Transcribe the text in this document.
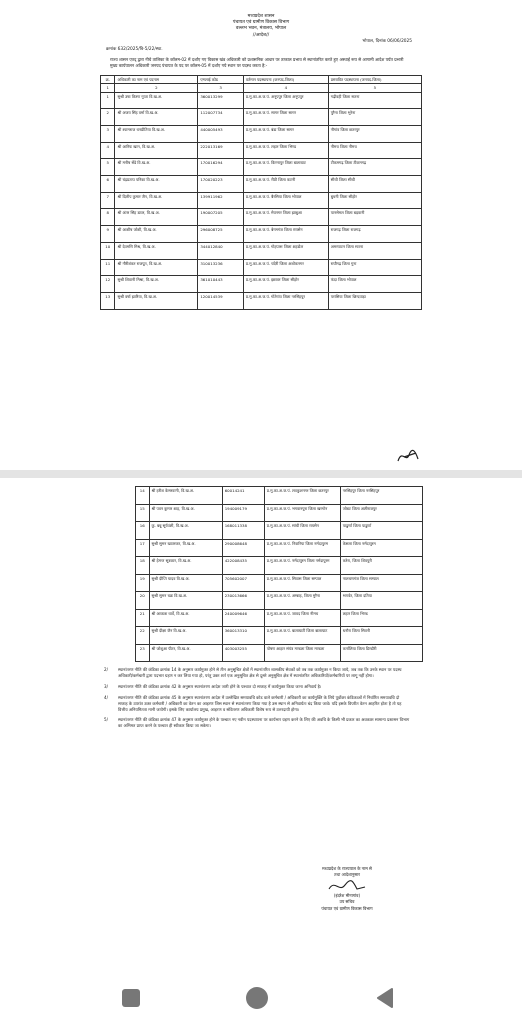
मध्यप्रदेश शासन
पंचायत एवं ग्रामीण विकास विभाग
वल्लभ भवन, मंत्रालय, भोपाल
//आदेश//
भोपाल, दिनांक 06/06/2025
क्रमांक 632/2025/वि-5/22/स्था.
राज्य शासन एतद् द्वारा नीचे तालिका के कॉलम-02 में दर्शाए गए विकास खंड अधिकारी को प्रशासनिक आधार पर तत्काल प्रभाव से स्थानांतरित करते हुए अस्थाई रूप से आगामी आदेश पर्यंत प्रभारी मुख्य कार्यपालन अधिकारी जनपद पंचायत के पद पर कॉलम-05 में दर्शाए गये स्थान पर पदस्थ करता है:-
क्र.	अधिकारी का नाम एवं पदनाम	एम्प्लाई कोड	वर्तमान पदस्थापना (जनपद-जिला)	प्रस्तावित पदस्थापना (जनपद-जिला)
1	2	3	4	5
1	सुश्री उषा किरण गुप्ता वि.ख.अ.	360013299	प्र.मु.का.अ.ज.पं. अनूपपुर जिला अनूपपुर	गढ़ीवही जिला सतना
2	श्री अजय सिंह वर्मा वि.ख.अ.	112007734	प्र.मु.का.अ.ज.पं. सागर जिला सागर	पुरैना जिला भुरेना
3	श्री श्यामराज धनप्रीतिया वि.ख.अ.	440005493	प्र.मु.का.अ.ज.पं. बंडा जिला सागर	नौगांव जिला छतरपुर
4	श्री आरिफ खान, वि.ख.अ.	222013169	प्र.मु.का.अ.ज.पं. लहार जिला भिण्ड	नीमच जिला नीमच
5	श्री मनीष सेंडे वि.ख.अ.	170016294	प्र.मु.का.अ.ज.पं. किरनापुर जिला बालाघाट	टीकमगढ़ जिला टीकमगढ़
6	श्री चंद्रप्रताप पनिका वि.ख.अ.	170020223	प्र.मु.का.अ.ज.पं. रीठी जिला कटनी	सीधी जिला सीधी
7	श्री दिलीप कुमार जैन, वि.ख.अ.	139911962	प्र.मु.का.अ.ज.पं. बैरसिया जिला भोपाल	बुधनी जिला सीहोर
8	श्री अंतर सिंह डावर, वि.ख.अ.	190007205	प्र.मु.का.अ.ज.पं. मेघनगर जिला झाबुआ	पानसेमल जिला बड़वानी
9	श्री आशीष जोशी, वि.ख.अ.	296008725	प्र.मु.का.अ.ज.पं. बेगमगंज जिला रायसेन	राजगढ़ जिला राजगढ़
10	श्री देवमणि मिश्र, वि.ख.अ.	344012840	प्र.मु.का.अ.ज.पं. गोहपारू जिला शहडोल	अमरपाटन जिला सतना
11	श्री गौरीशंकर राजपूत, वि.ख.अ.	310013236	प्र.मु.का.अ.ज.पं. चंदेरी जिला अशोकनगर	राघौगढ़ जिला गुना
12	सुश्री शिवानी मिश्रा, वि.ख.अ.	361010443	प्र.मु.का.अ.ज.पं. इछावर जिला सीहोर	फंदा जिला भोपाल
13	सुश्री वर्षा झारिया, वि.ख.अ.	120014539	प्र.मु.का.अ.ज.पं. गोटेगांव जिला नरसिंहपुर	परासिया जिला छिन्दवाड़ा
14	श्री हरीश केसरवानी, वि.ख.अ.	60014241	प्र.मु.का.अ.ज.पं. लवकुशनगर जिला छतरपुर	नरसिंहपुर जिला नरसिंहपुर
15	श्री पवन कुमार शाह, वि.ख.अ.	194009179	प्र.मु.का.अ.ज.पं. भगवानपुरा जिला खरगोन	जोबट जिला अलीराजपुर
16	कु. बन्नू सूर्यवंशी, वि.ख.अ.	168011338	प्र.मु.का.अ.ज.पं. सांची जिला रायसेन	पाढुर्णा जिला पाढुर्णा
17	सुश्री सुमन खातरकर, वि.ख.अ.	290008648	प्र.मु.का.अ.ज.पं. निवारिया जिला नर्मदापुरम	केसला जिला नर्मदापुरम
18	श्री हेमन्त सूत्रकार, वि.ख.अ.	422008435	प्र.मु.का.अ.ज.पं. नर्मदापुरम जिला नर्मदापुरम	करेरा, जिला शिवपुरी
19	सुश्री दीप्ति यादव वि.ख.अ.	705602007	प्र.मु.का.अ.ज.पं. सिवास जिला सम्पाल	नालचणगंज जिला सम्पाल
20	सुश्री सुमन चक्र वि.ख.अ.	230013666	प्र.मु.का.अ.ज.पं. अम्बाह, जिला मुरैना	भाण्डेर, जिला दतिया
21	श्री आकाश धार्वे, वि.ख.अ.	240009646	प्र.मु.का.अ.ज.पं. जावद जिला नीमच	लहार जिला भिण्ड
22	सुश्री दीक्षा जैन वि.ख.अ.	360013310	प्र.मु.का.अ.ज.पं. बालाघाटी जिला बालाघाट	धनौरा जिला सिवनी
23	श्री जोशुआ पीटर, वि.ख.अ.	403003255	पोषण आहार संयंत्र मण्डला जिला मण्डला	कर्नालिया जिला डिण्डौरी
2/	स्थानांतरण नीति की कंडिका क्रमांक 14 के अनुसार कार्यमुक्त होने से तीन अनुसूचित क्षेत्रों में स्थानांतरित शासकीय सेवकों को तब तक कार्यमुक्त न किया जाये, जब तक कि उनके स्थान पर पदस्थ अधिकारी/कर्मचारी द्वारा पदभार ग्रहण न कर लिया गया हो, परंतु उक्त शर्त एक अनुसूचित क्षेत्र से दूसरे अनुसूचित क्षेत्र में स्थानांतरित अधिकारियों/कर्मचारियों पर लागू नहीं होगा।
3/	स्थानांतरण नीति की कंडिका क्रमांक 42 के अनुसार स्थानांतरण आदेश जारी होने के पश्चात दो सप्ताह में कार्यमुक्त किया जाना अनिवार्य है।
4/	स्थानांतरण नीति की कंडिका क्रमांक 45 के अनुसार स्थानांतरण आदेश में उल्लेखित समयावधि कोड वाले कर्मचारी / अधिकारी का कार्यमुक्ति के लिये पूर्वोक्त कंडिकाओं में निर्धारित समयावधि दो सप्ताह के उपरांत उक्त कर्मचारी / अधिकारी का वेतन का आहरण जिस स्थान से स्थानांतरण किया गया है उस स्थान से अनिवार्यतः बंद किया जावे। यदि इसके विपरीत वेतन आहरित होता है तो यह वित्तीय अनियमितता मानी जायेगी। इसके लिए कार्यालय प्रमुख, आहरण व संवितरण अधिकारी विशेष रूप से उत्तरदायी होगा।
5/	स्थानांतरण नीति की कंडिका क्रमांक 47 के अनुसार कार्यमुक्त होने के पश्चात नए नवीन पदस्थापना पर कार्यभार ग्रहण करने के लिए की अवधि के किसी भी प्रकार का अवकाश सामान्य प्रशासन विभाग का अभिमत प्राप्त करने के पश्चात ही स्वीकार किया जा सकेगा।
मध्यप्रदेश के राज्यपाल के नाम से
तथा आदेशानुसार
(इंदरेश मीनागांव)
उप सचिव
पंचायत एवं ग्रामीण विकास विभाग
